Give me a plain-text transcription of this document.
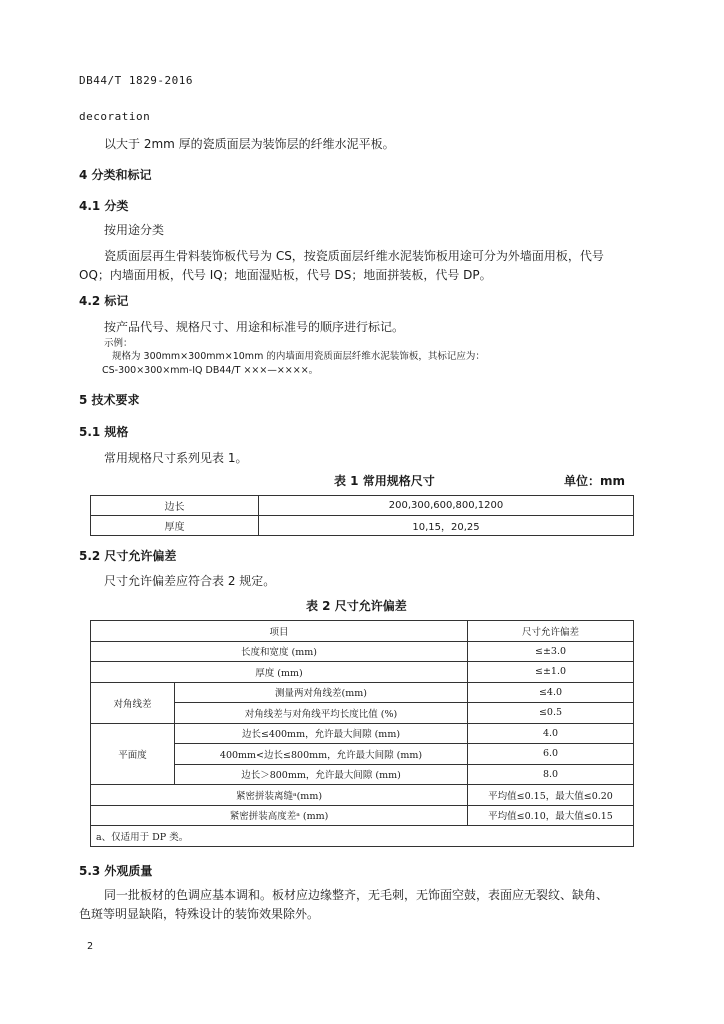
DB44/T 1829-2016
decoration
以大于 2mm 厚的瓷质面层为装饰层的纤维水泥平板。
4 分类和标记
4.1 分类
按用途分类
瓷质面层再生骨料装饰板代号为 CS，按瓷质面层纤维水泥装饰板用途可分为外墙面用板，代号
OQ；内墙面用板，代号 IQ；地面湿贴板，代号 DS；地面拼装板，代号 DP。
4.2 标记
按产品代号、规格尺寸、用途和标准号的顺序进行标记。
示例：
规格为 300mm×300mm×10mm 的内墙面用瓷质面层纤维水泥装饰板，其标记应为：
CS-300×300×mm-IQ DB44/T ×××—××××。
5 技术要求
5.1 规格
常用规格尺寸系列见表 1。
表 1 常用规格尺寸	单位：mm
边长	200,300,600,800,1200
厚度	10,15，20,25
5.2 尺寸允许偏差
尺寸允许偏差应符合表 2 规定。
表 2 尺寸允许偏差
项目		尺寸允许偏差
长度和宽度 (mm)		≤±3.0
厚度 (mm)		≤±1.0
对角线差	测量两对角线差(mm)	≤4.0
	对角线差与对角线平均长度比值 (%)	≤0.5
平面度	边长≤400mm，允许最大间隙 (mm)	4.0
	400mm<边长≤800mm，允许最大间隙 (mm)	6.0
	边长＞800mm，允许最大间隙 (mm)	8.0
紧密拼装离缝ᵃ(mm)		平均值≤0.15，最大值≤0.20
紧密拼装高度差ᵃ (mm)		平均值≤0.10，最大值≤0.15
a、仅适用于 DP 类。		
5.3 外观质量
同一批板材的色调应基本调和。板材应边缘整齐，无毛刺，无饰面空鼓，表面应无裂纹、缺角、
色斑等明显缺陷，特殊设计的装饰效果除外。
2
